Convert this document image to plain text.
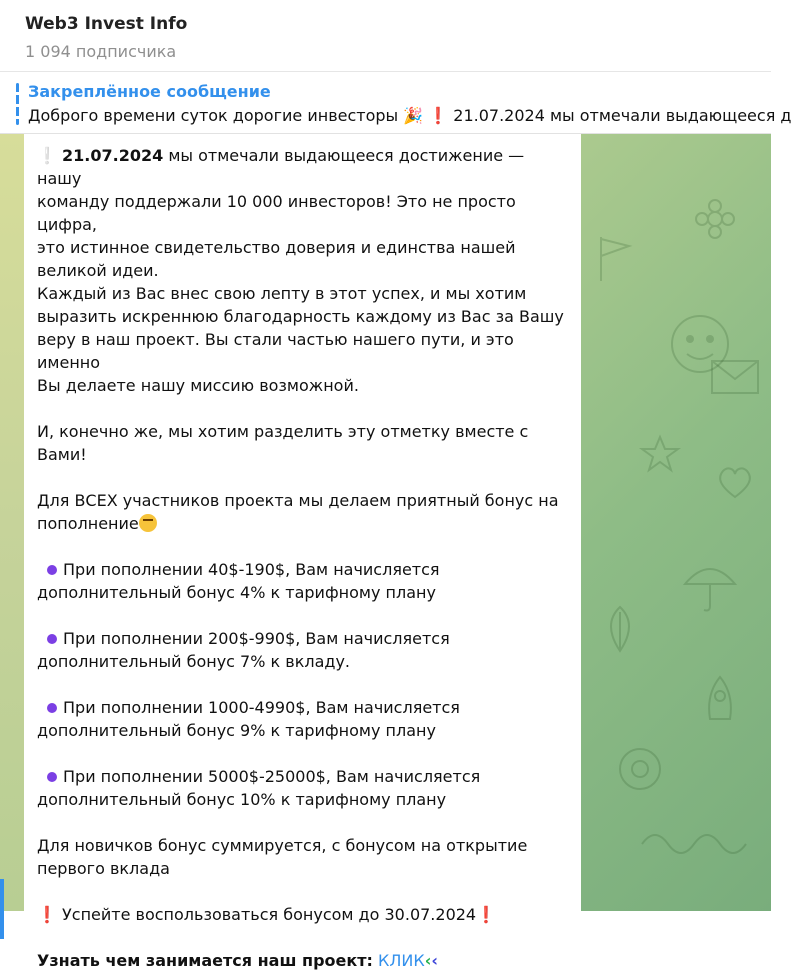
Web3 Invest Info
1 094 подписчика
Закреплённое сообщение
Доброго времени суток дорогие инвесторы 🎉 ❗ 21.07.2024 мы отмечали выдающееся д

❕ 21.07.2024 мы отмечали выдающееся достижение — нашу

команду поддержали 10 000 инвесторов! Это не просто цифра,

это истинное свидетельство доверия и единства нашей

великой идеи.

Каждый из Вас внес свою лепту в этот успех, и мы хотим

выразить искреннюю благодарность каждому из Вас за Вашу

веру в наш проект. Вы стали частью нашего пути, и это именно

Вы делаете нашу миссию возможной.

И, конечно же, мы хотим разделить эту отметку вместе с Вами!

Для ВСЕХ участников проекта мы делаем приятный бонус на

пополнение

При пополнении 40$-190$, Вам начисляется

дополнительный бонус 4% к тарифному плану

При пополнении 200$-990$, Вам начисляется

дополнительный бонус 7% к вкладу.

При пополнении 1000-4990$, Вам начисляется

дополнительный бонус 9% к тарифному плану

При пополнении 5000$-25000$, Вам начисляется

дополнительный бонус 10% к тарифному плану

Для новичков бонус суммируется, с бонусом на открытие

первого вклада

❗ Успейте воспользоваться бонусом до 30.07.2024❗

Узнать чем занимается наш проект: КЛИК‹‹
